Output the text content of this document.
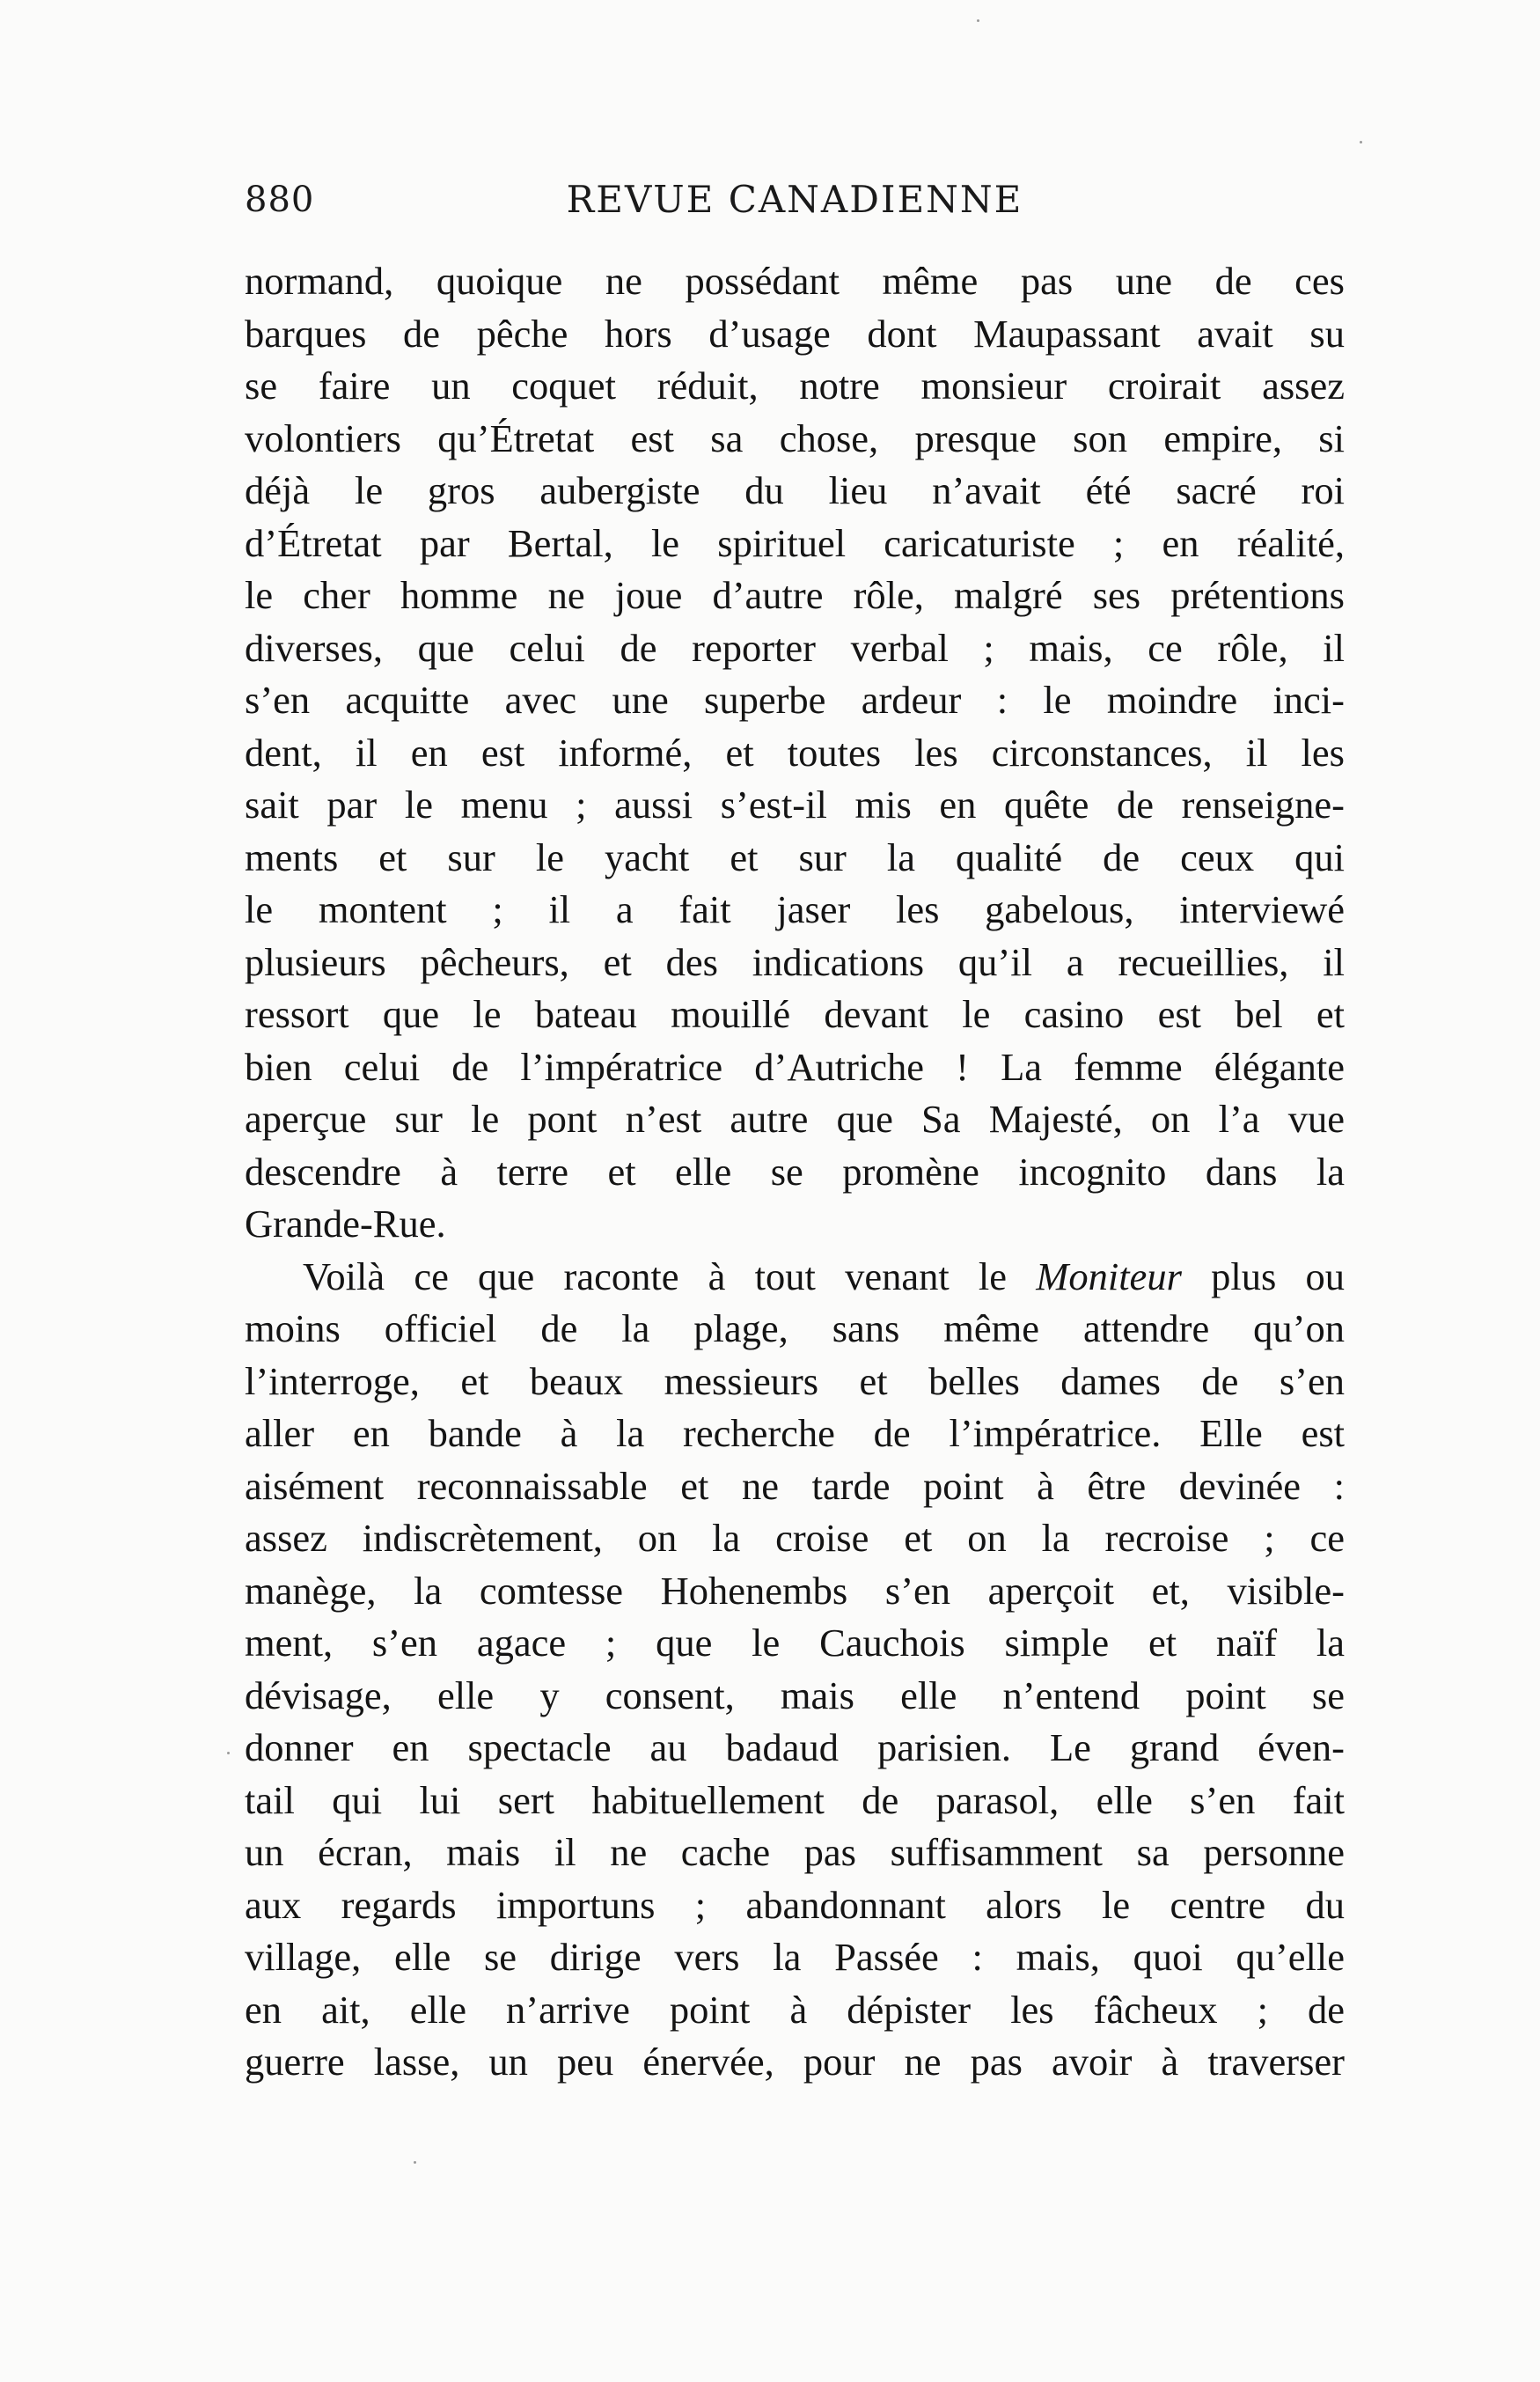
880	REVUE CANADIENNE
normand, quoique ne possédant même pas une de ces
barques de pêche hors d’usage dont Maupassant avait su
se faire un coquet réduit, notre monsieur croirait assez
volontiers qu’Étretat est sa chose, presque son empire, si
déjà le gros aubergiste du lieu n’avait été sacré roi
d’Étretat par Bertal, le spirituel caricaturiste ; en réalité,
le cher homme ne joue d’autre rôle, malgré ses prétentions
diverses, que celui de reporter verbal ; mais, ce rôle, il
s’en acquitte avec une superbe ardeur : le moindre inci-
dent, il en est informé, et toutes les circonstances, il les
sait par le menu ; aussi s’est-il mis en quête de renseigne-
ments et sur le yacht et sur la qualité de ceux qui
le montent ; il a fait jaser les gabelous, interviewé
plusieurs pêcheurs, et des indications qu’il a recueillies, il
ressort que le bateau mouillé devant le casino est bel et
bien celui de l’impératrice d’Autriche ! La femme élégante
aperçue sur le pont n’est autre que Sa Majesté, on l’a vue
descendre à terre et elle se promène incognito dans la
Grande-Rue.
Voilà ce que raconte à tout venant le Moniteur plus ou
moins officiel de la plage, sans même attendre qu’on
l’interroge, et beaux messieurs et belles dames de s’en
aller en bande à la recherche de l’impératrice. Elle est
aisément reconnaissable et ne tarde point à être devinée :
assez indiscrètement, on la croise et on la recroise ; ce
manège, la comtesse Hohenembs s’en aperçoit et, visible-
ment, s’en agace ; que le Cauchois simple et naïf la
dévisage, elle y consent, mais elle n’entend point se
donner en spectacle au badaud parisien. Le grand éven-
tail qui lui sert habituellement de parasol, elle s’en fait
un écran, mais il ne cache pas suffisamment sa personne
aux regards importuns ; abandonnant alors le centre du
village, elle se dirige vers la Passée : mais, quoi qu’elle
en ait, elle n’arrive point à dépister les fâcheux ; de
guerre lasse, un peu énervée, pour ne pas avoir à traverser
